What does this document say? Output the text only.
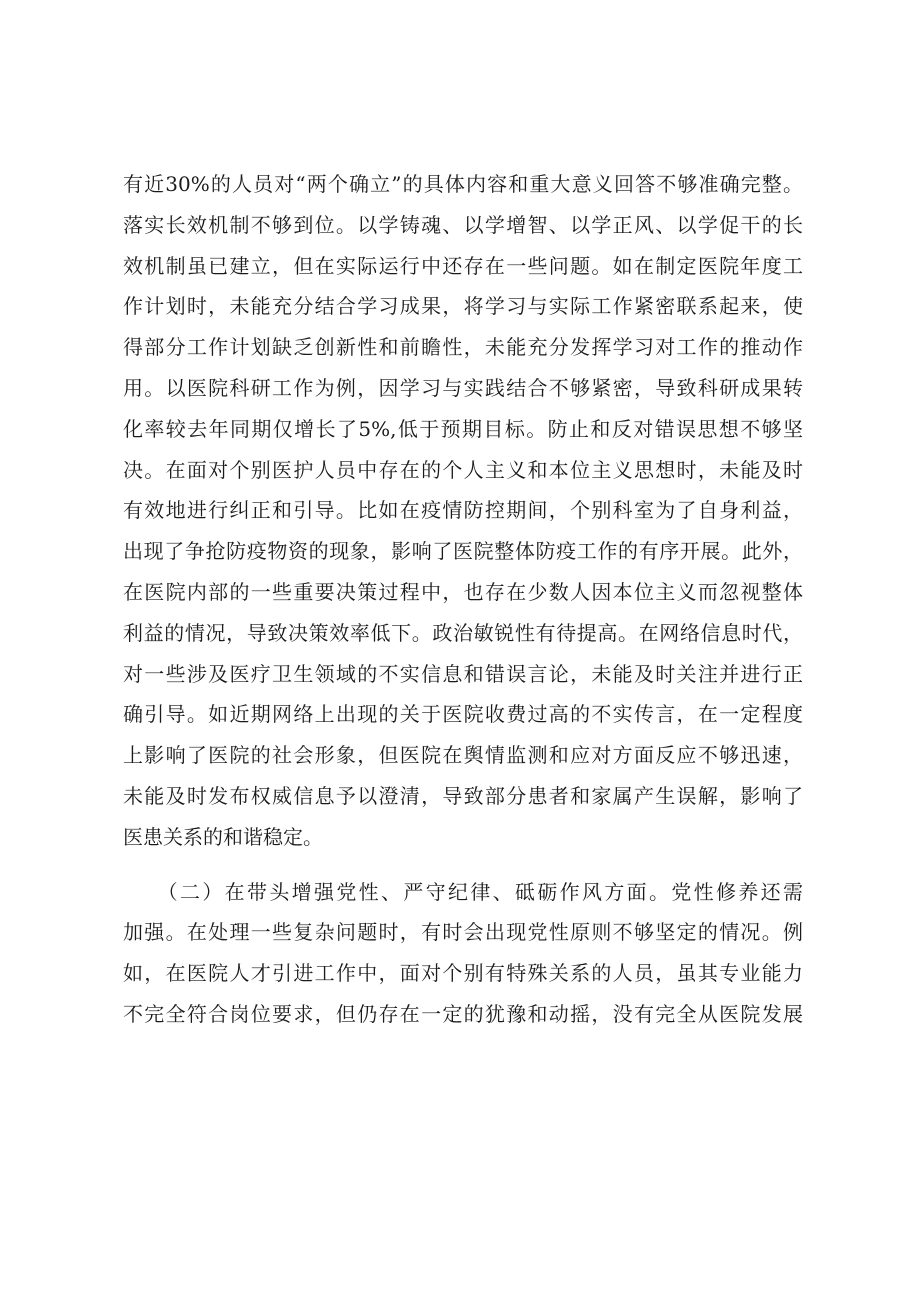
有近30%的人员对“两个确立”的具体内容和重大意义回答不够准确完整。
落实长效机制不够到位。以学铸魂、以学增智、以学正风、以学促干的长
效机制虽已建立，但在实际运行中还存在一些问题。如在制定医院年度工
作计划时，未能充分结合学习成果，将学习与实际工作紧密联系起来，使
得部分工作计划缺乏创新性和前瞻性，未能充分发挥学习对工作的推动作
用。以医院科研工作为例，因学习与实践结合不够紧密，导致科研成果转
化率较去年同期仅增长了5%,低于预期目标。防止和反对错误思想不够坚
决。在面对个别医护人员中存在的个人主义和本位主义思想时，未能及时
有效地进行纠正和引导。比如在疫情防控期间，个别科室为了自身利益，
出现了争抢防疫物资的现象，影响了医院整体防疫工作的有序开展。此外，
在医院内部的一些重要决策过程中，也存在少数人因本位主义而忽视整体
利益的情况，导致决策效率低下。政治敏锐性有待提高。在网络信息时代，
对一些涉及医疗卫生领域的不实信息和错误言论，未能及时关注并进行正
确引导。如近期网络上出现的关于医院收费过高的不实传言，在一定程度
上影响了医院的社会形象，但医院在舆情监测和应对方面反应不够迅速，
未能及时发布权威信息予以澄清，导致部分患者和家属产生误解，影响了
医患关系的和谐稳定。
　　（二）在带头增强党性、严守纪律、砥砺作风方面。党性修养还需
加强。在处理一些复杂问题时，有时会出现党性原则不够坚定的情况。例
如，在医院人才引进工作中，面对个别有特殊关系的人员，虽其专业能力
不完全符合岗位要求，但仍存在一定的犹豫和动摇，没有完全从医院发展
